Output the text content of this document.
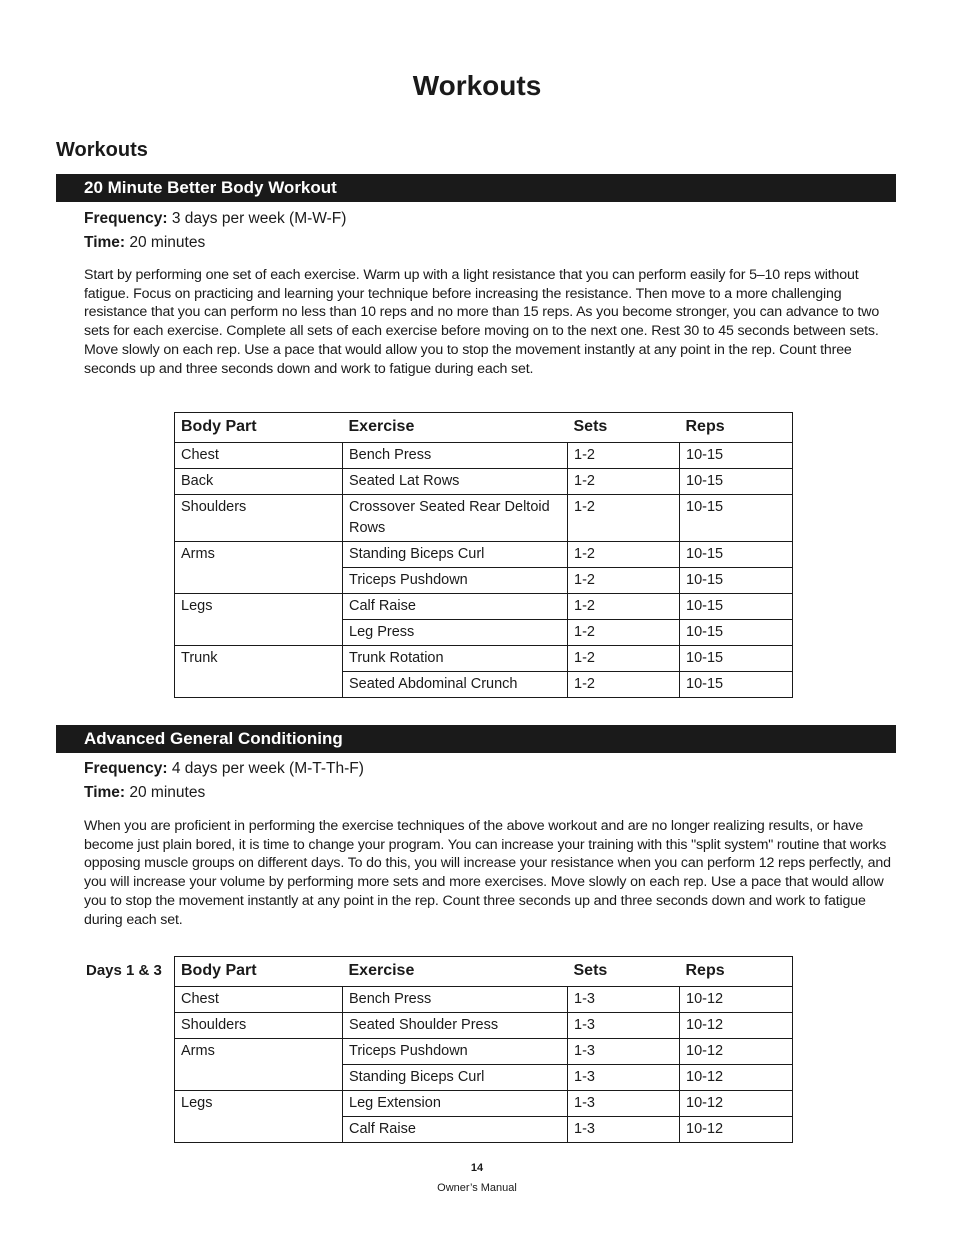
Workouts
Workouts
20 Minute Better Body Workout
Frequency: 3 days per week (M-W-F)
Time: 20 minutes

Start by performing one set of each exercise. Warm up with a light resistance that you can perform easily for 5–10 reps without fatigue. Focus on practicing and learning your technique before increasing the resistance. Then move to a more challenging resistance that you can perform no less than 10 reps and no more than 15 reps. As you become stronger, you can advance to two sets for each exercise. Complete all sets of each exercise before moving on to the next one. Rest 30 to 45 seconds between sets. Move slowly on each rep. Use a pace that would allow you to stop the movement instantly at any point in the rep. Count three seconds up and three seconds down and work to fatigue during each set.

Body Part	Exercise	Sets	Reps
Chest	Bench Press	1-2	10-15
Back	Seated Lat Rows	1-2	10-15
Shoulders	Crossover Seated Rear Deltoid Rows	1-2	10-15
Arms	Standing Biceps Curl	1-2	10-15
	Triceps Pushdown	1-2	10-15
Legs	Calf Raise	1-2	10-15
	Leg Press	1-2	10-15
Trunk	Trunk Rotation	1-2	10-15
	Seated Abdominal Crunch	1-2	10-15
Advanced General Conditioning
Frequency: 4 days per week (M-T-Th-F)
Time: 20 minutes

When you are proficient in performing the exercise techniques of the above workout and are no longer realizing results, or have become just plain bored, it is time to change your program. You can increase your training with this "split system" routine that works opposing muscle groups on different days. To do this, you will increase your resistance when you can perform 12 reps perfectly, and you will increase your volume by performing more sets and more exercises. Move slowly on each rep. Use a pace that would allow you to stop the movement instantly at any point in the rep. Count three seconds up and three seconds down and work to fatigue during each set.

Days 1 & 3 Body Part	Exercise	Sets	Reps
Chest	Bench Press	1-3	10-12
Shoulders	Seated Shoulder Press	1-3	10-12
Arms	Triceps Pushdown	1-3	10-12
	Standing Biceps Curl	1-3	10-12
Legs	Leg Extension	1-3	10-12
	Calf Raise	1-3	10-12
14
Owner’s Manual
